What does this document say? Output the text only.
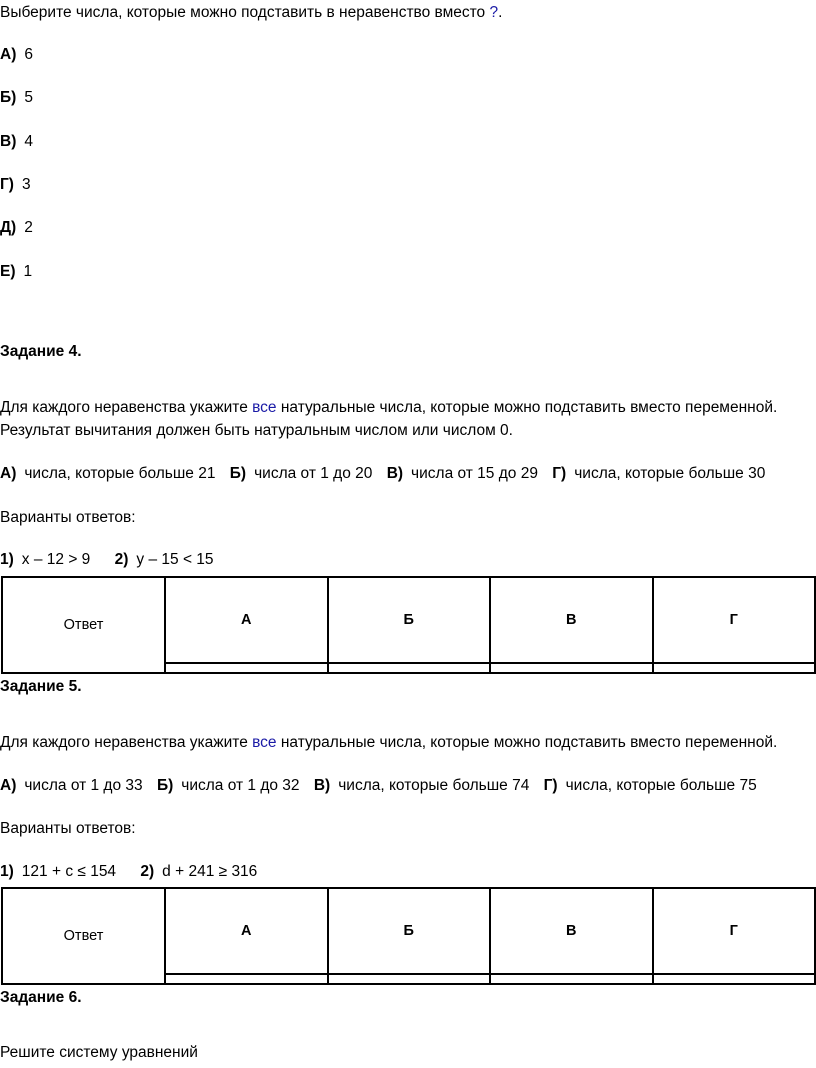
Выберите числа, которые можно подставить в неравенство вместо ?.
А) 6
Б) 5
В) 4
Г) 3
Д) 2
Е) 1
Задание 4.
Для каждого неравенства укажите все натуральные числа, которые можно подставить вместо переменной.
Результат вычитания должен быть натуральным числом или числом 0.
А) числа, которые больше 21 Б) числа от 1 до 20 В) числа от 15 до 29 Г) числа, которые больше 30
Варианты ответов:
1) x – 12 > 9 2) y – 15 < 15
Ответ	А	Б	В	Г

Задание 5.
Для каждого неравенства укажите все натуральные числа, которые можно подставить вместо переменной.
А) числа от 1 до 33 Б) числа от 1 до 32 В) числа, которые больше 74 Г) числа, которые больше 75
Варианты ответов:
1) 121 + c ≤ 154 2) d + 241 ≥ 316
Ответ	А	Б	В	Г

Задание 6.
Решите систему уравнений
